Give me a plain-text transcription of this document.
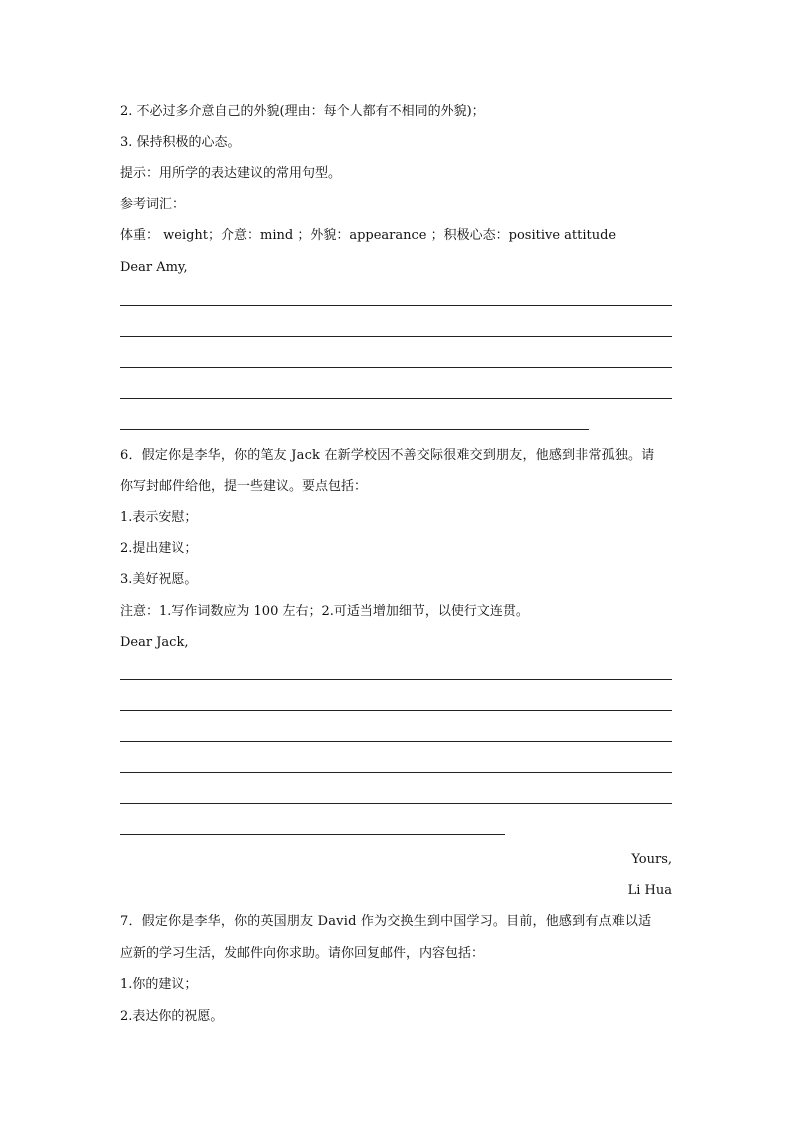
2. 不必过多介意自己的外貌(理由：每个人都有不相同的外貌)；
3. 保持积极的心态。
提示：用所学的表达建议的常用句型。
参考词汇：
体重： weight；介意：mind ；外貌：appearance ；积极心态：positive attitude
Dear Amy,
6．假定你是李华，你的笔友 Jack 在新学校因不善交际很难交到朋友，他感到非常孤独。请
你写封邮件给他，提一些建议。要点包括：
1.表示安慰；
2.提出建议；
3.美好祝愿。
注意：1.写作词数应为 100 左右；2.可适当增加细节，以使行文连贯。
Dear Jack,
Yours,
Li Hua
7．假定你是李华，你的英国朋友 David 作为交换生到中国学习。目前，他感到有点难以适
应新的学习生活，发邮件向你求助。请你回复邮件，内容包括：
1.你的建议；
2.表达你的祝愿。
